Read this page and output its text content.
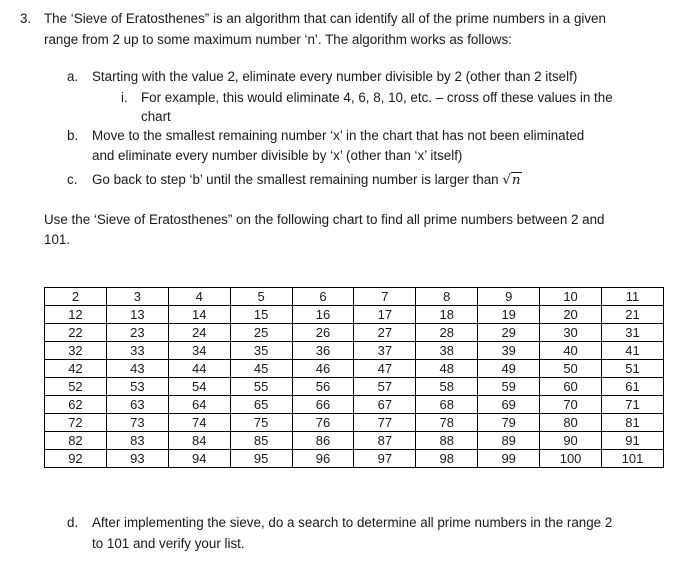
3. The ‘Sieve of Eratosthenes” is an algorithm that can identify all of the prime numbers in a given
range from 2 up to some maximum number ‘n’. The algorithm works as follows:
a. Starting with the value 2, eliminate every number divisible by 2 (other than 2 itself)
i. For example, this would eliminate 4, 6, 8, 10, etc. – cross off these values in the
chart
b. Move to the smallest remaining number ‘x’ in the chart that has not been eliminated
and eliminate every number divisible by ‘x’ (other than ‘x’ itself)
c. Go back to step ‘b’ until the smallest remaining number is larger than √n
Use the ‘Sieve of Eratosthenes” on the following chart to find all prime numbers between 2 and
101.
2	3	4	5	6	7	8	9	10	11
12	13	14	15	16	17	18	19	20	21
22	23	24	25	26	27	28	29	30	31
32	33	34	35	36	37	38	39	40	41
42	43	44	45	46	47	48	49	50	51
52	53	54	55	56	57	58	59	60	61
62	63	64	65	66	67	68	69	70	71
72	73	74	75	76	77	78	79	80	81
82	83	84	85	86	87	88	89	90	91
92	93	94	95	96	97	98	99	100	101
d. After implementing the sieve, do a search to determine all prime numbers in the range 2
to 101 and verify your list.
